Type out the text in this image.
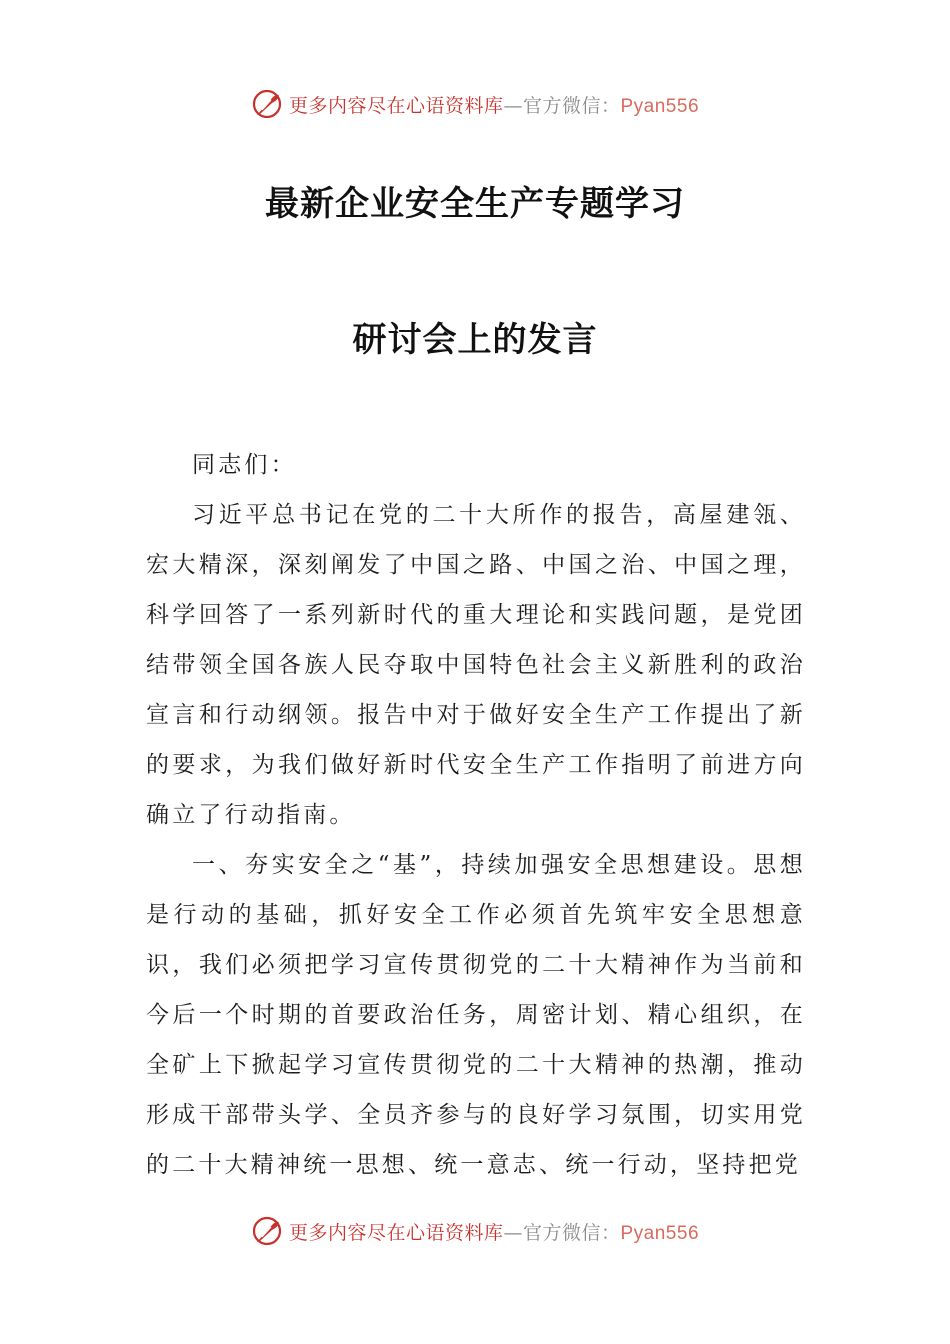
更多内容尽在心语资料库—官方微信：Pyan556
最新企业安全生产专题学习
研讨会上的发言

同志们：

习近平总书记在党的二十大所作的报告，高屋建瓴、宏大精深，深刻阐发了中国之路、中国之治、中国之理，科学回答了一系列新时代的重大理论和实践问题，是党团结带领全国各族人民夺取中国特色社会主义新胜利的政治宣言和行动纲领。报告中对于做好安全生产工作提出了新的要求，为我们做好新时代安全生产工作指明了前进方向确立了行动指南。

一、夯实安全之“基”，持续加强安全思想建设。思想是行动的基础，抓好安全工作必须首先筑牢安全思想意识，我们必须把学习宣传贯彻党的二十大精神作为当前和今后一个时期的首要政治任务，周密计划、精心组织，在全矿上下掀起学习宣传贯彻党的二十大精神的热潮，推动形成干部带头学、全员齐参与的良好学习氛围，切实用党的二十大精神统一思想、统一意志、统一行动，坚持把党

更多内容尽在心语资料库—官方微信：Pyan556
